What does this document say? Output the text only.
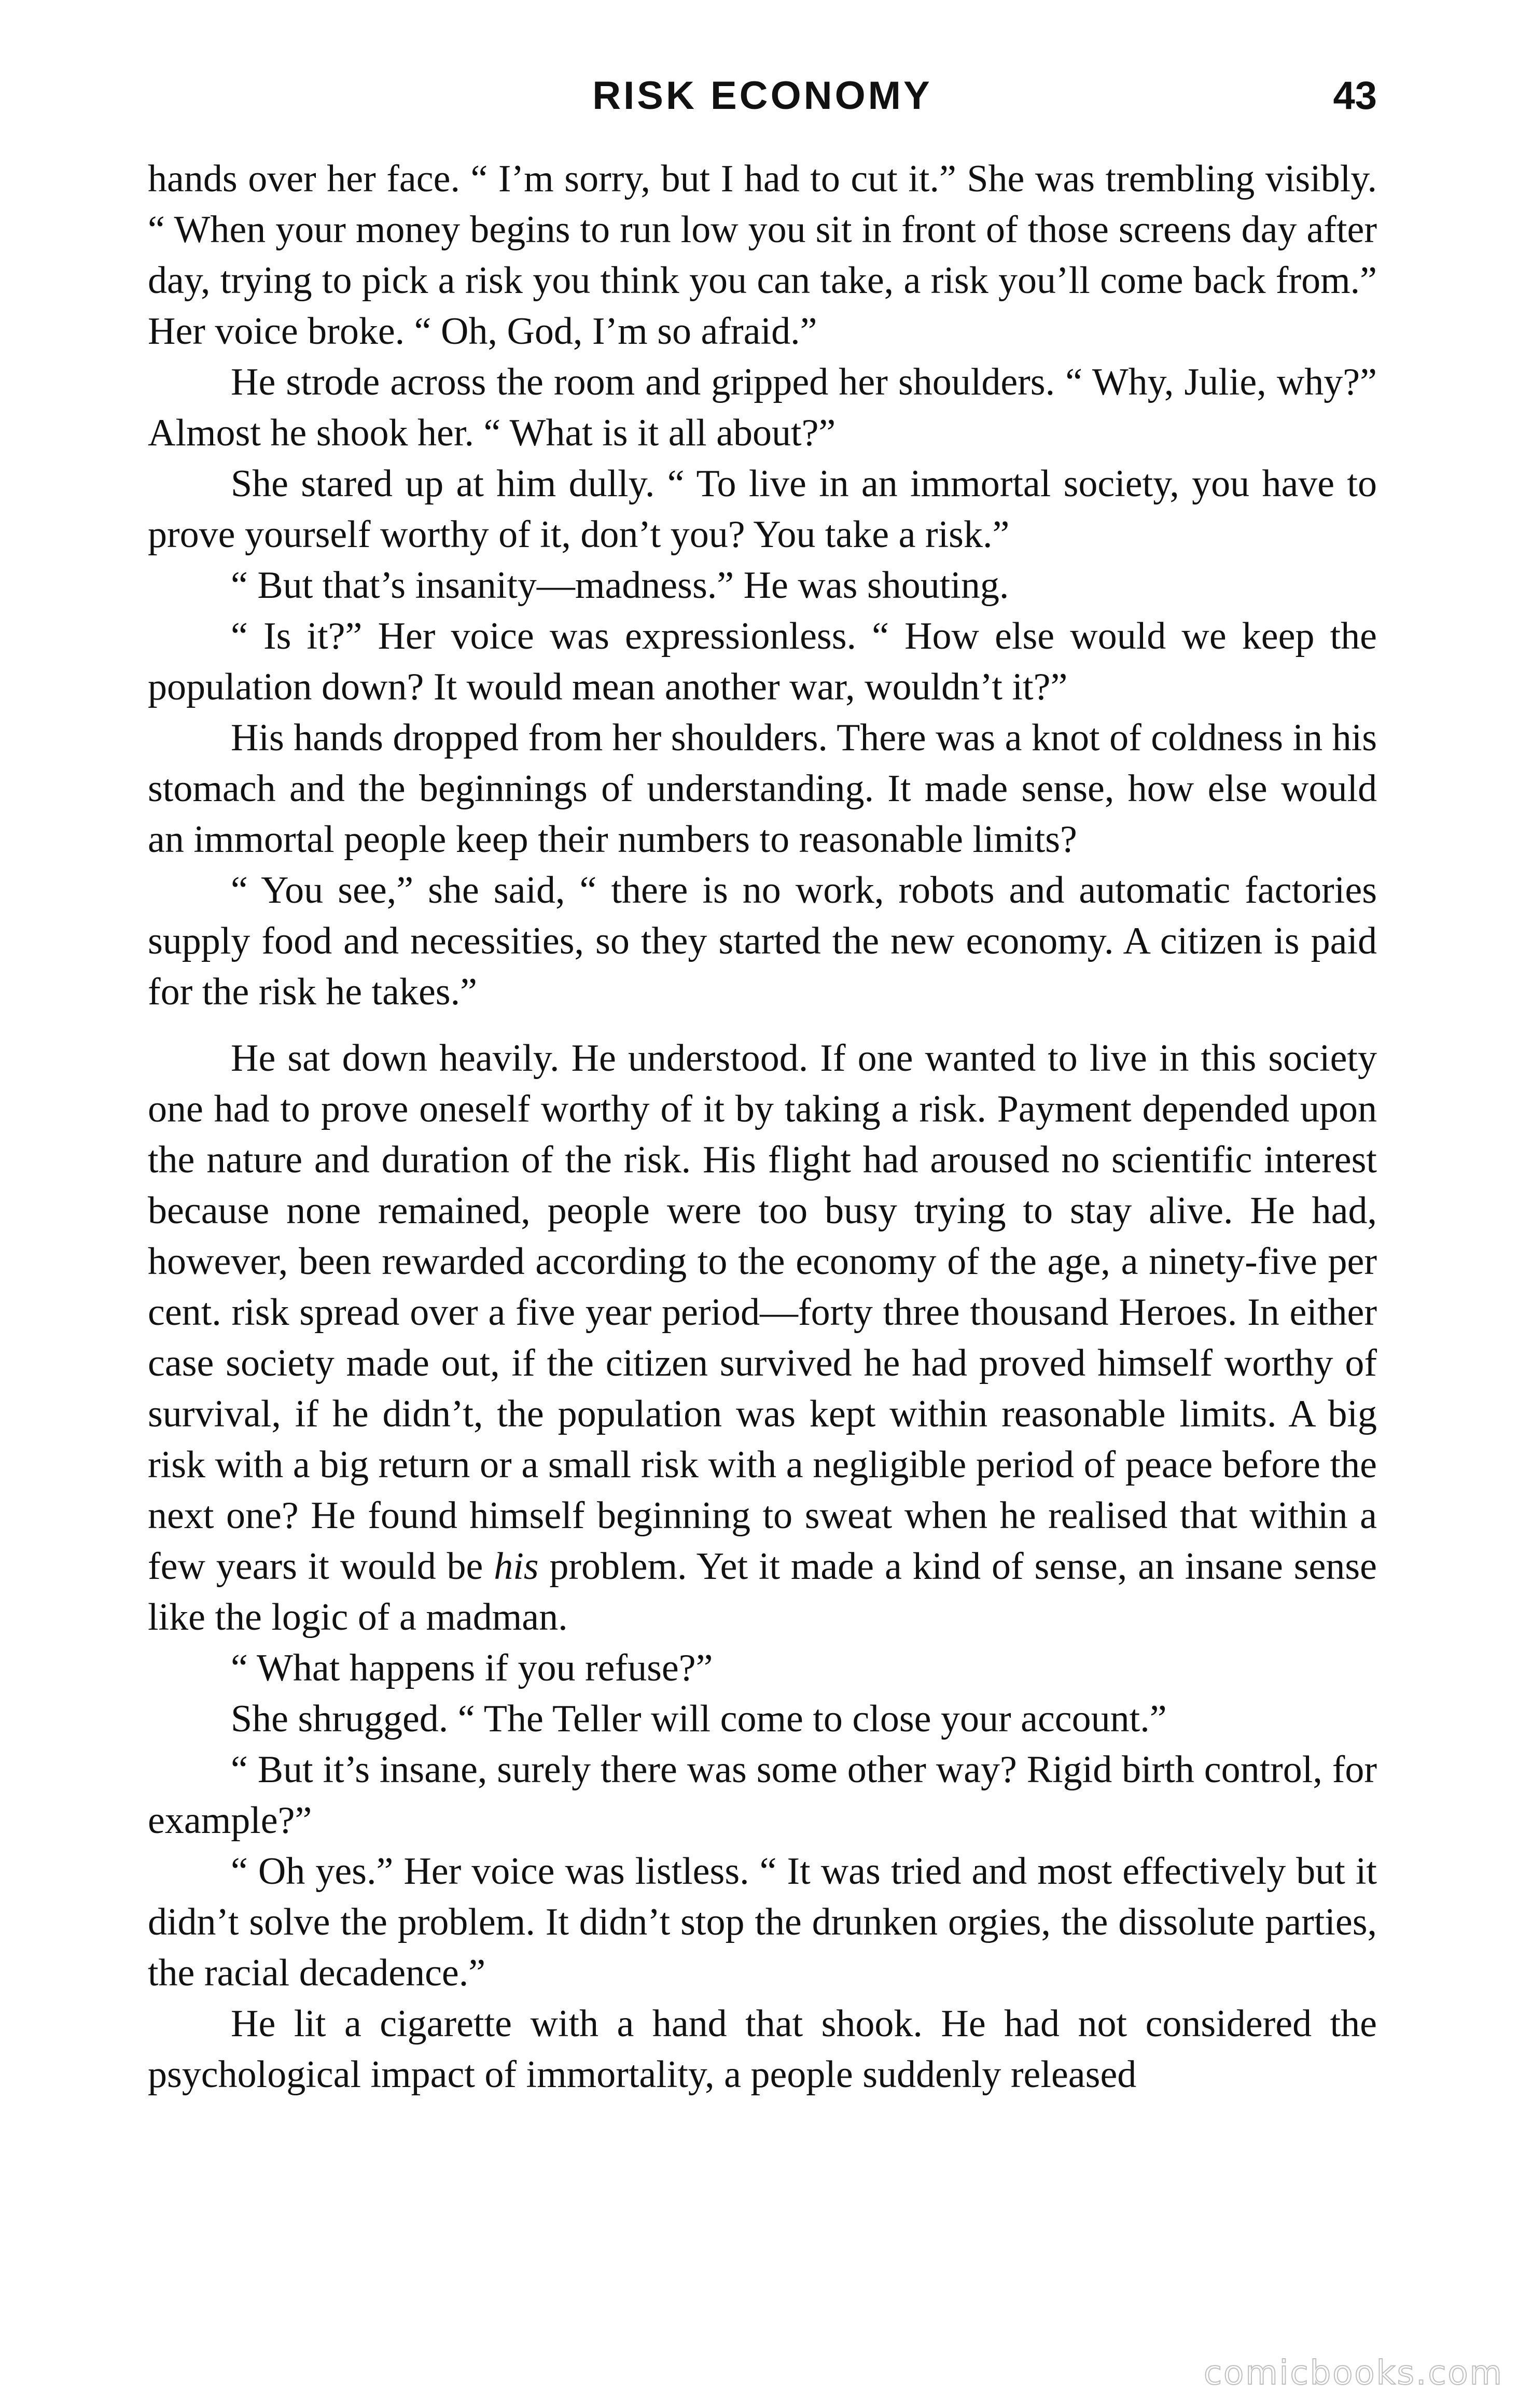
RISK ECONOMY	43

hands over her face. “ I’m sorry, but I had to cut it.” She was trembling visibly. “ When your money begins to run low you sit in front of those screens day after day, trying to pick a risk you think you can take, a risk you’ll come back from.” Her voice broke. “ Oh, God, I’m so afraid.”

He strode across the room and gripped her shoulders. “ Why, Julie, why?” Almost he shook her. “ What is it all about?”

She stared up at him dully. “ To live in an immortal society, you have to prove yourself worthy of it, don’t you? You take a risk.”

“ But that’s insanity—madness.” He was shouting.

“ Is it?” Her voice was expressionless. “ How else would we keep the population down? It would mean another war, wouldn’t it?”

His hands dropped from her shoulders. There was a knot of coldness in his stomach and the beginnings of understanding. It made sense, how else would an immortal people keep their numbers to reasonable limits?

“ You see,” she said, “ there is no work, robots and automatic factories supply food and necessities, so they started the new economy. A citizen is paid for the risk he takes.”

He sat down heavily. He understood. If one wanted to live in this society one had to prove oneself worthy of it by taking a risk. Payment depended upon the nature and duration of the risk. His flight had aroused no scientific interest because none remained, people were too busy trying to stay alive. He had, however, been rewarded according to the economy of the age, a ninety-five per cent. risk spread over a five year period—forty three thousand Heroes. In either case society made out, if the citizen survived he had proved himself worthy of survival, if he didn’t, the population was kept within reasonable limits. A big risk with a big return or a small risk with a negligible period of peace before the next one? He found himself beginning to sweat when he realised that within a few years it would be his problem. Yet it made a kind of sense, an insane sense like the logic of a madman.

“ What happens if you refuse?”

She shrugged. “ The Teller will come to close your account.”

“ But it’s insane, surely there was some other way? Rigid birth control, for example?”

“ Oh yes.” Her voice was listless. “ It was tried and most effectively but it didn’t solve the problem. It didn’t stop the drunken orgies, the dissolute parties, the racial decadence.”

He lit a cigarette with a hand that shook. He had not considered the psychological impact of immortality, a people suddenly released

comicbooks.com
